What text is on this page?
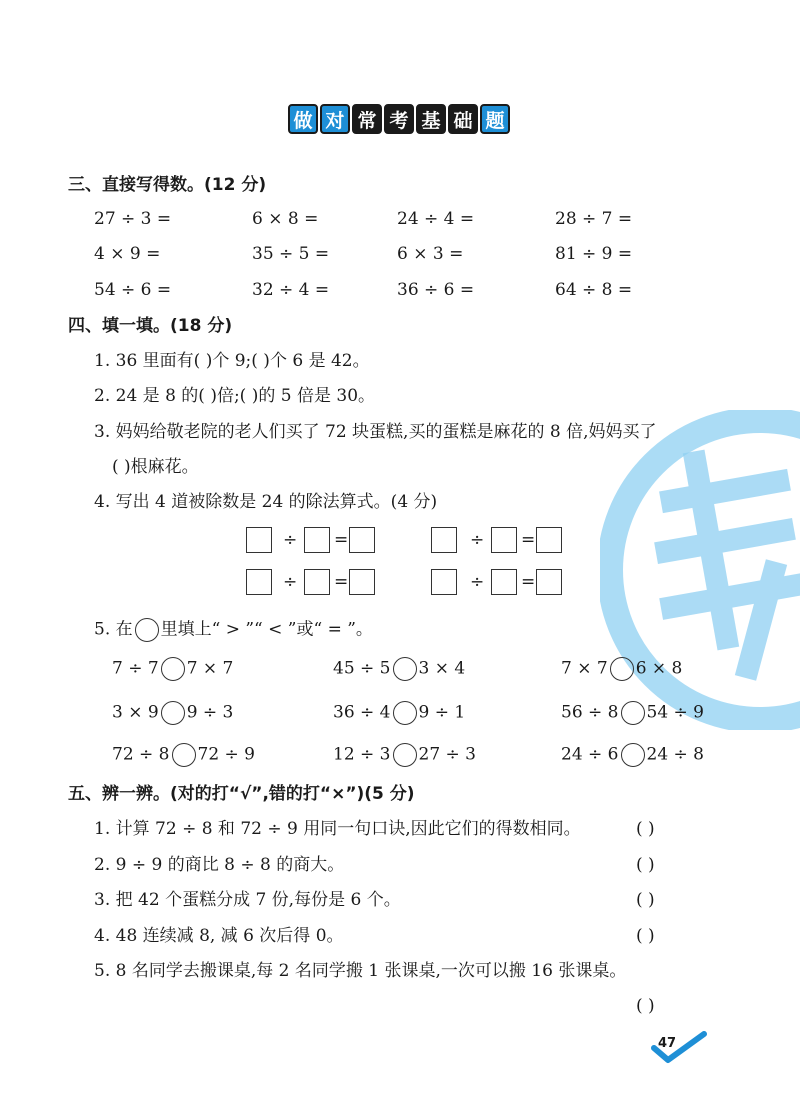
做 对 常 考 基 础 题
三、直接写得数。(12 分)
27 ÷ 3 =	6 × 8 =	24 ÷ 4 =	28 ÷ 7 =
4 × 9 =	35 ÷ 5 =	6 × 3 =	81 ÷ 9 =
54 ÷ 6 =	32 ÷ 4 =	36 ÷ 6 =	64 ÷ 8 =
四、填一填。(18 分)
1. 36 里面有( )个 9;( )个 6 是 42。
2. 24 是 8 的( )倍;( )的 5 倍是 30。
3. 妈妈给敬老院的老人们买了 72 块蛋糕,买的蛋糕是麻花的 8 倍,妈妈买了
( )根麻花。
4. 写出 4 道被除数是 24 的除法算式。(4 分)
÷ =	÷ =
÷ =	÷ =
5. 在 里填上“ > ”“ < ”或“ = ”。
7 ÷ 7 7 × 7	45 ÷ 5 3 × 4	7 × 7 6 × 8
3 × 9 9 ÷ 3	36 ÷ 4 9 ÷ 1	56 ÷ 8 54 ÷ 9
72 ÷ 8 72 ÷ 9	12 ÷ 3 27 ÷ 3	24 ÷ 6 24 ÷ 8
五、辨一辨。(对的打“√”,错的打“×”)(5 分)
1. 计算 72 ÷ 8 和 72 ÷ 9 用同一句口诀,因此它们的得数相同。	( )
2. 9 ÷ 9 的商比 8 ÷ 8 的商大。	( )
3. 把 42 个蛋糕分成 7 份,每份是 6 个。	( )
4. 48 连续减 8, 减 6 次后得 0。	( )
5. 8 名同学去搬课桌,每 2 名同学搬 1 张课桌,一次可以搬 16 张课桌。
( )
47
